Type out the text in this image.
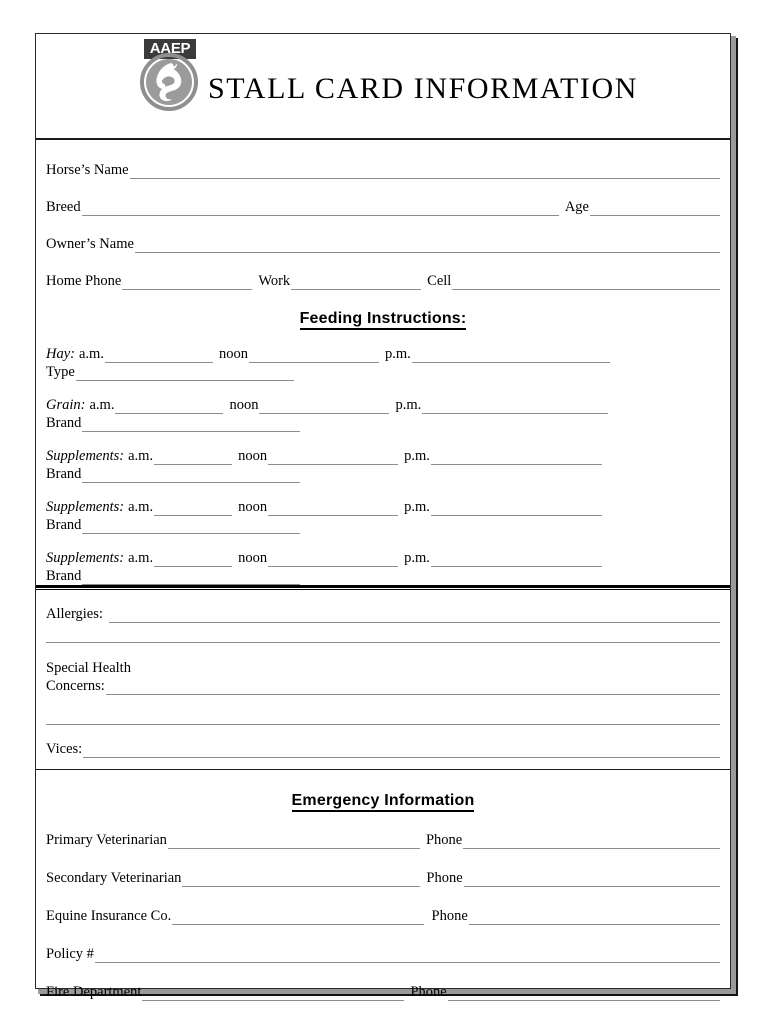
AAEP
STALL CARD INFORMATION
Horse’s Name
Breed	Age
Owner’s Name
Home Phone	Work	Cell
Feeding Instructions:
Hay: a.m.	noon	p.m.
Type
Grain: a.m.	noon	p.m.
Brand
Supplements: a.m.	noon	p.m.
Brand
Supplements: a.m.	noon	p.m.
Brand
Supplements: a.m.	noon	p.m.
Brand
Allergies:
Special Health
Concerns:
Vices:
Emergency Information
Primary Veterinarian	Phone
Secondary Veterinarian	Phone
Equine Insurance Co.	Phone
Policy #
Fire Department	Phone
